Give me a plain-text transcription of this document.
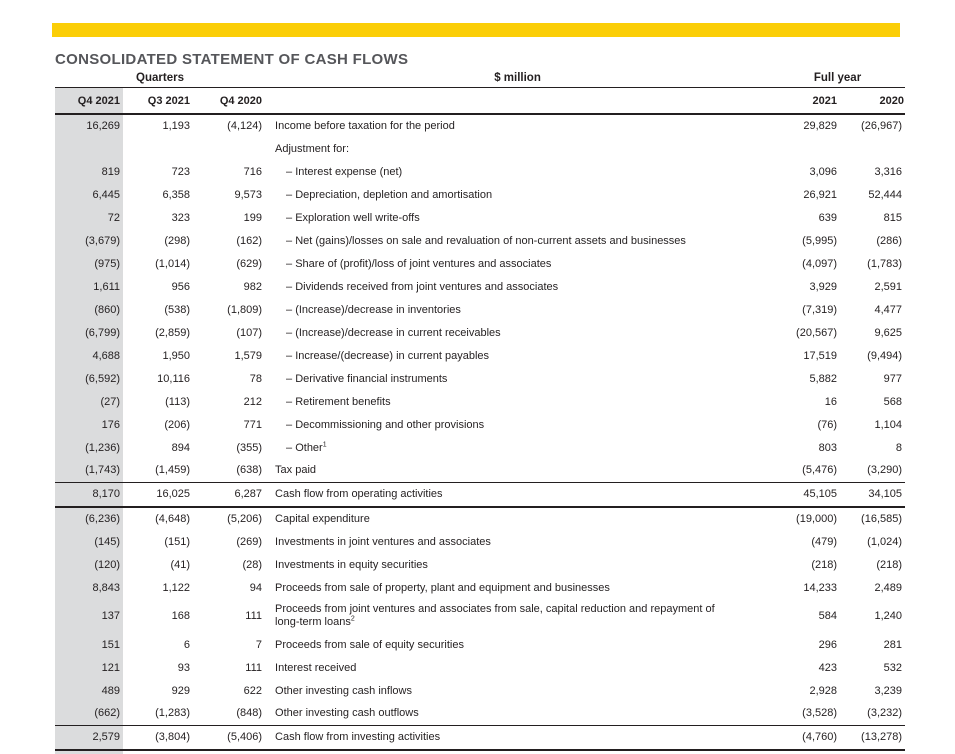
CONSOLIDATED STATEMENT OF CASH FLOWS
Quarters			$ million	Full year	
Q4 2021	Q3 2021	Q4 2020		2021	2020
16,269	1,193	(4,124)	Income before taxation for the period	29,829	(26,967)
			Adjustment for:		
819	723	716	– Interest expense (net)	3,096	3,316
6,445	6,358	9,573	– Depreciation, depletion and amortisation	26,921	52,444
72	323	199	– Exploration well write-offs	639	815
(3,679)	(298)	(162)	– Net (gains)/losses on sale and revaluation of non-current assets and businesses	(5,995)	(286)
(975)	(1,014)	(629)	– Share of (profit)/loss of joint ventures and associates	(4,097)	(1,783)
1,611	956	982	– Dividends received from joint ventures and associates	3,929	2,591
(860)	(538)	(1,809)	– (Increase)/decrease in inventories	(7,319)	4,477
(6,799)	(2,859)	(107)	– (Increase)/decrease in current receivables	(20,567)	9,625
4,688	1,950	1,579	– Increase/(decrease) in current payables	17,519	(9,494)
(6,592)	10,116	78	– Derivative financial instruments	5,882	977
(27)	(113)	212	– Retirement benefits	16	568
176	(206)	771	– Decommissioning and other provisions	(76)	1,104
(1,236)	894	(355)	– Other$^1$	803	8
(1,743)	(1,459)	(638)	Tax paid	(5,476)	(3,290)
8,170	16,025	6,287	Cash flow from operating activities	45,105	34,105
(6,236)	(4,648)	(5,206)	Capital expenditure	(19,000)	(16,585)
(145)	(151)	(269)	Investments in joint ventures and associates	(479)	(1,024)
(120)	(41)	(28)	Investments in equity securities	(218)	(218)
8,843	1,122	94	Proceeds from sale of property, plant and equipment and businesses	14,233	2,489
137	168	111	Proceeds from joint ventures and associates from sale, capital reduction and repayment of long-term loans$^2$	584	1,240
151	6	7	Proceeds from sale of equity securities	296	281
121	93	111	Interest received	423	532
489	929	622	Other investing cash inflows	2,928	3,239
(662)	(1,283)	(848)	Other investing cash outflows	(3,528)	(3,232)
2,579	(3,804)	(5,406)	Cash flow from investing activities	(4,760)	(13,278)
